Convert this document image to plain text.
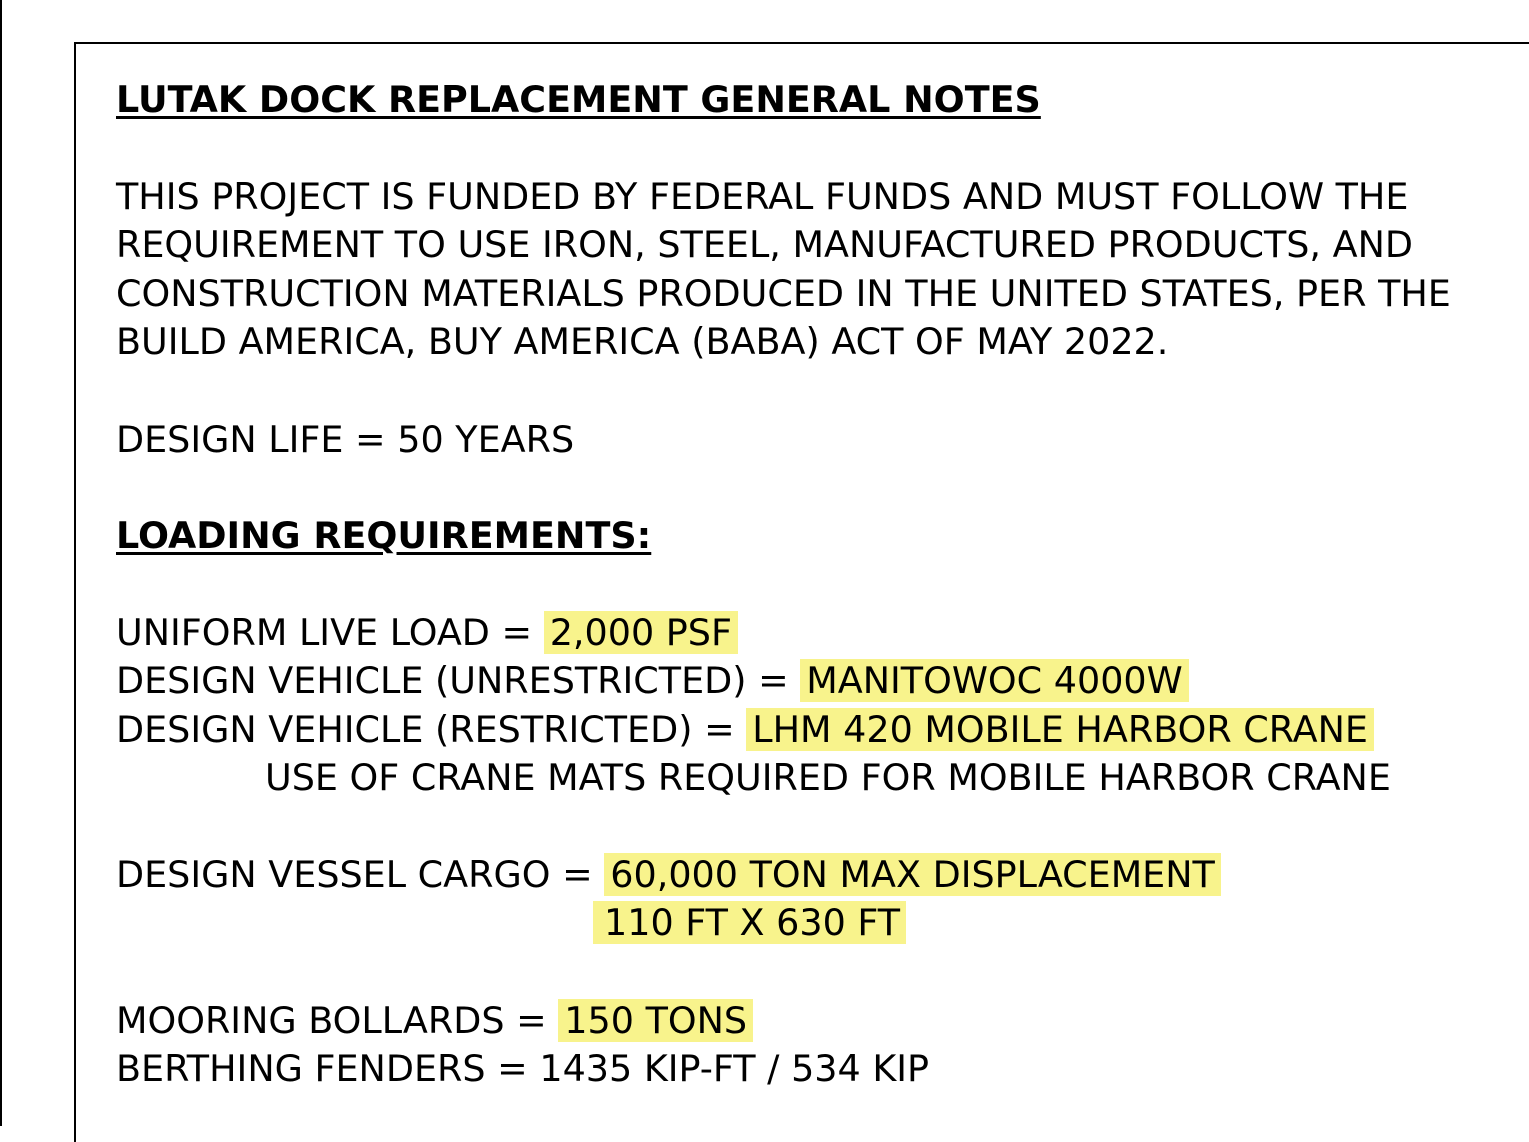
LUTAK DOCK REPLACEMENT GENERAL NOTES
THIS PROJECT IS FUNDED BY FEDERAL FUNDS AND MUST FOLLOW THE
REQUIREMENT TO USE IRON, STEEL, MANUFACTURED PRODUCTS, AND
CONSTRUCTION MATERIALS PRODUCED IN THE UNITED STATES, PER THE
BUILD AMERICA, BUY AMERICA (BABA) ACT OF MAY 2022.
DESIGN LIFE = 50 YEARS
LOADING REQUIREMENTS:
UNIFORM LIVE LOAD = 2,000 PSF
DESIGN VEHICLE (UNRESTRICTED) = MANITOWOC 4000W
DESIGN VEHICLE (RESTRICTED) = LHM 420 MOBILE HARBOR CRANE
USE OF CRANE MATS REQUIRED FOR MOBILE HARBOR CRANE
DESIGN VESSEL CARGO = 60,000 TON MAX DISPLACEMENT
110 FT X 630 FT
MOORING BOLLARDS = 150 TONS
BERTHING FENDERS = 1435 KIP-FT / 534 KIP
